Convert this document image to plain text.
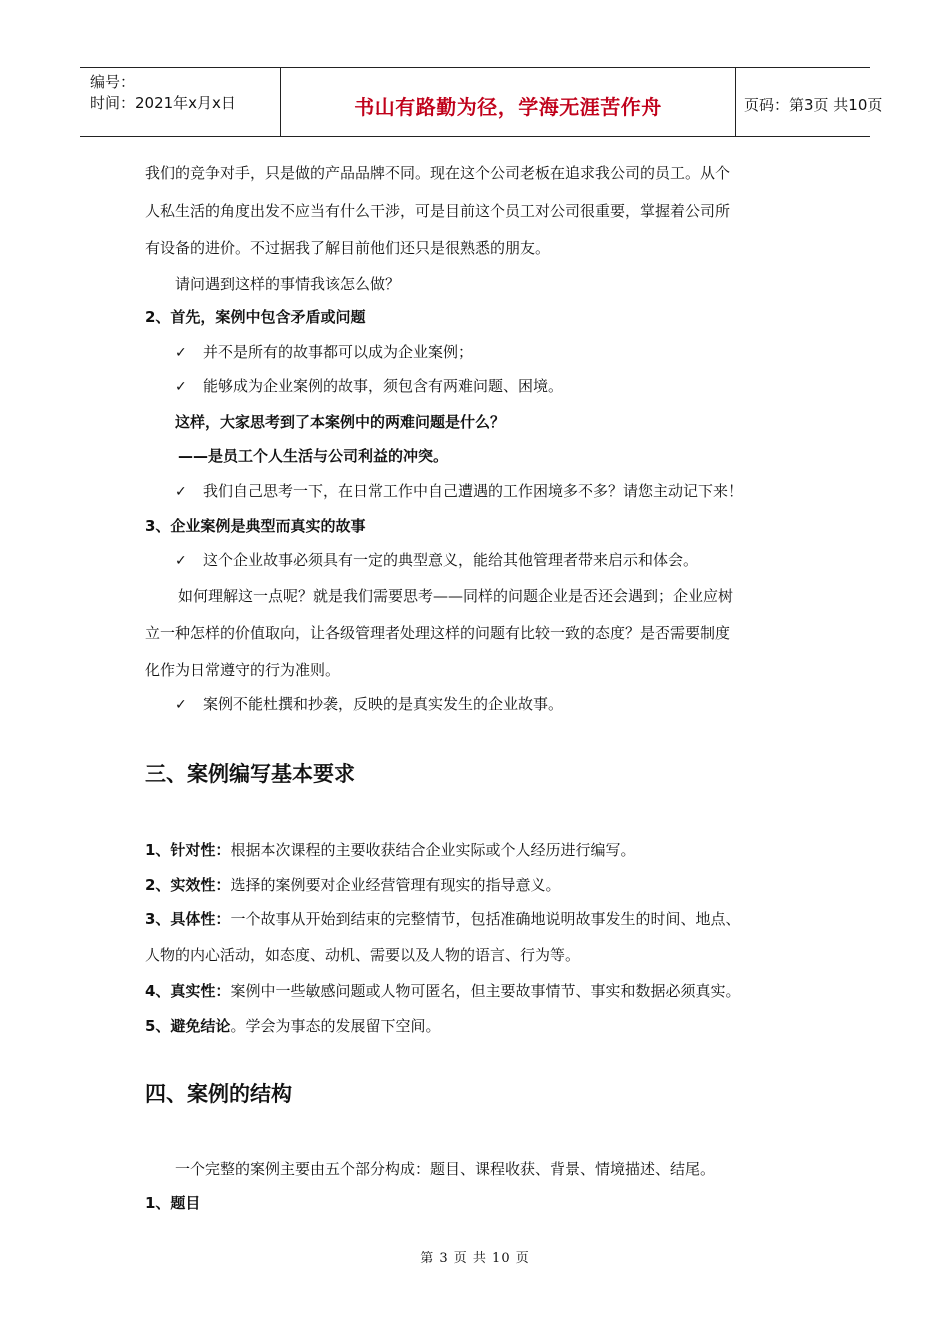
编号：
时间：2021年x月x日	书山有路勤为径，学海无涯苦作舟	页码：第3页 共10页
我们的竞争对手，只是做的产品品牌不同。现在这个公司老板在追求我公司的员工。从个
人私生活的角度出发不应当有什么干涉，可是目前这个员工对公司很重要，掌握着公司所
有设备的进价。不过据我了解目前他们还只是很熟悉的朋友。
请问遇到这样的事情我该怎么做？
2、首先，案例中包含矛盾或问题
✓ 并不是所有的故事都可以成为企业案例；
✓ 能够成为企业案例的故事，须包含有两难问题、困境。
这样，大家思考到了本案例中的两难问题是什么？
——是员工个人生活与公司利益的冲突。
✓ 我们自己思考一下，在日常工作中自己遭遇的工作困境多不多？请您主动记下来！
3、企业案例是典型而真实的故事
✓ 这个企业故事必须具有一定的典型意义，能给其他管理者带来启示和体会。
如何理解这一点呢？就是我们需要思考——同样的问题企业是否还会遇到；企业应树
立一种怎样的价值取向，让各级管理者处理这样的问题有比较一致的态度？是否需要制度
化作为日常遵守的行为准则。
✓ 案例不能杜撰和抄袭，反映的是真实发生的企业故事。
三、案例编写基本要求
1、针对性：根据本次课程的主要收获结合企业实际或个人经历进行编写。
2、实效性：选择的案例要对企业经营管理有现实的指导意义。
3、具体性：一个故事从开始到结束的完整情节，包括准确地说明故事发生的时间、地点、
人物的内心活动，如态度、动机、需要以及人物的语言、行为等。
4、真实性：案例中一些敏感问题或人物可匿名，但主要故事情节、事实和数据必须真实。
5、避免结论。学会为事态的发展留下空间。
四、案例的结构
一个完整的案例主要由五个部分构成：题目、课程收获、背景、情境描述、结尾。
1、题目
第 3 页 共 10 页
